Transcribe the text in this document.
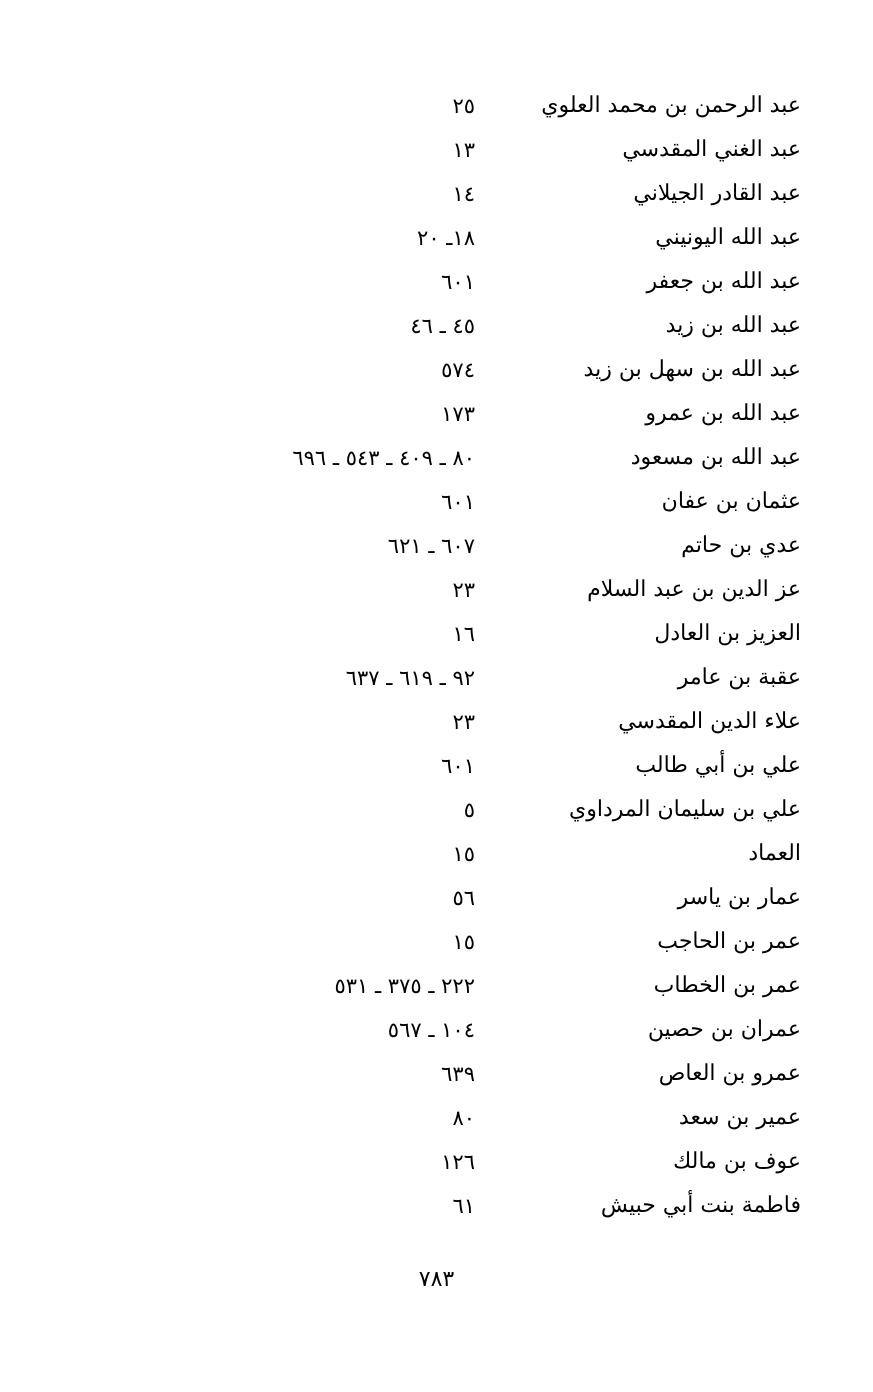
عبد الرحمن بن محمد العلوي
٢٥
عبد الغني المقدسي
١٣
عبد القادر الجيلاني
١٤
عبد الله اليونيني
١٨ـ ٢٠
عبد الله بن جعفر
٦٠١
عبد الله بن زيد
٤٥ ـ ٤٦
عبد الله بن سهل بن زيد
٥٧٤
عبد الله بن عمرو
١٧٣
عبد الله بن مسعود
٨٠ ـ ٤٠٩ ـ ٥٤٣ ـ ٦٩٦
عثمان بن عفان
٦٠١
عدي بن حاتم
٦٠٧ ـ ٦٢١
عز الدين بن عبد السلام
٢٣
العزيز بن العادل
١٦
عقبة بن عامر
٩٢ ـ ٦١٩ ـ ٦٣٧
علاء الدين المقدسي
٢٣
علي بن أبي طالب
٦٠١
علي بن سليمان المرداوي
٥
العماد
١٥
عمار بن ياسر
٥٦
عمر بن الحاجب
١٥
عمر بن الخطاب
٢٢٢ ـ ٣٧٥ ـ ٥٣١
عمران بن حصين
١٠٤ ـ ٥٦٧
عمرو بن العاص
٦٣٩
عمير بن سعد
٨٠
عوف بن مالك
١٢٦
فاطمة بنت أبي حبيش
٦١
٧٨٣
